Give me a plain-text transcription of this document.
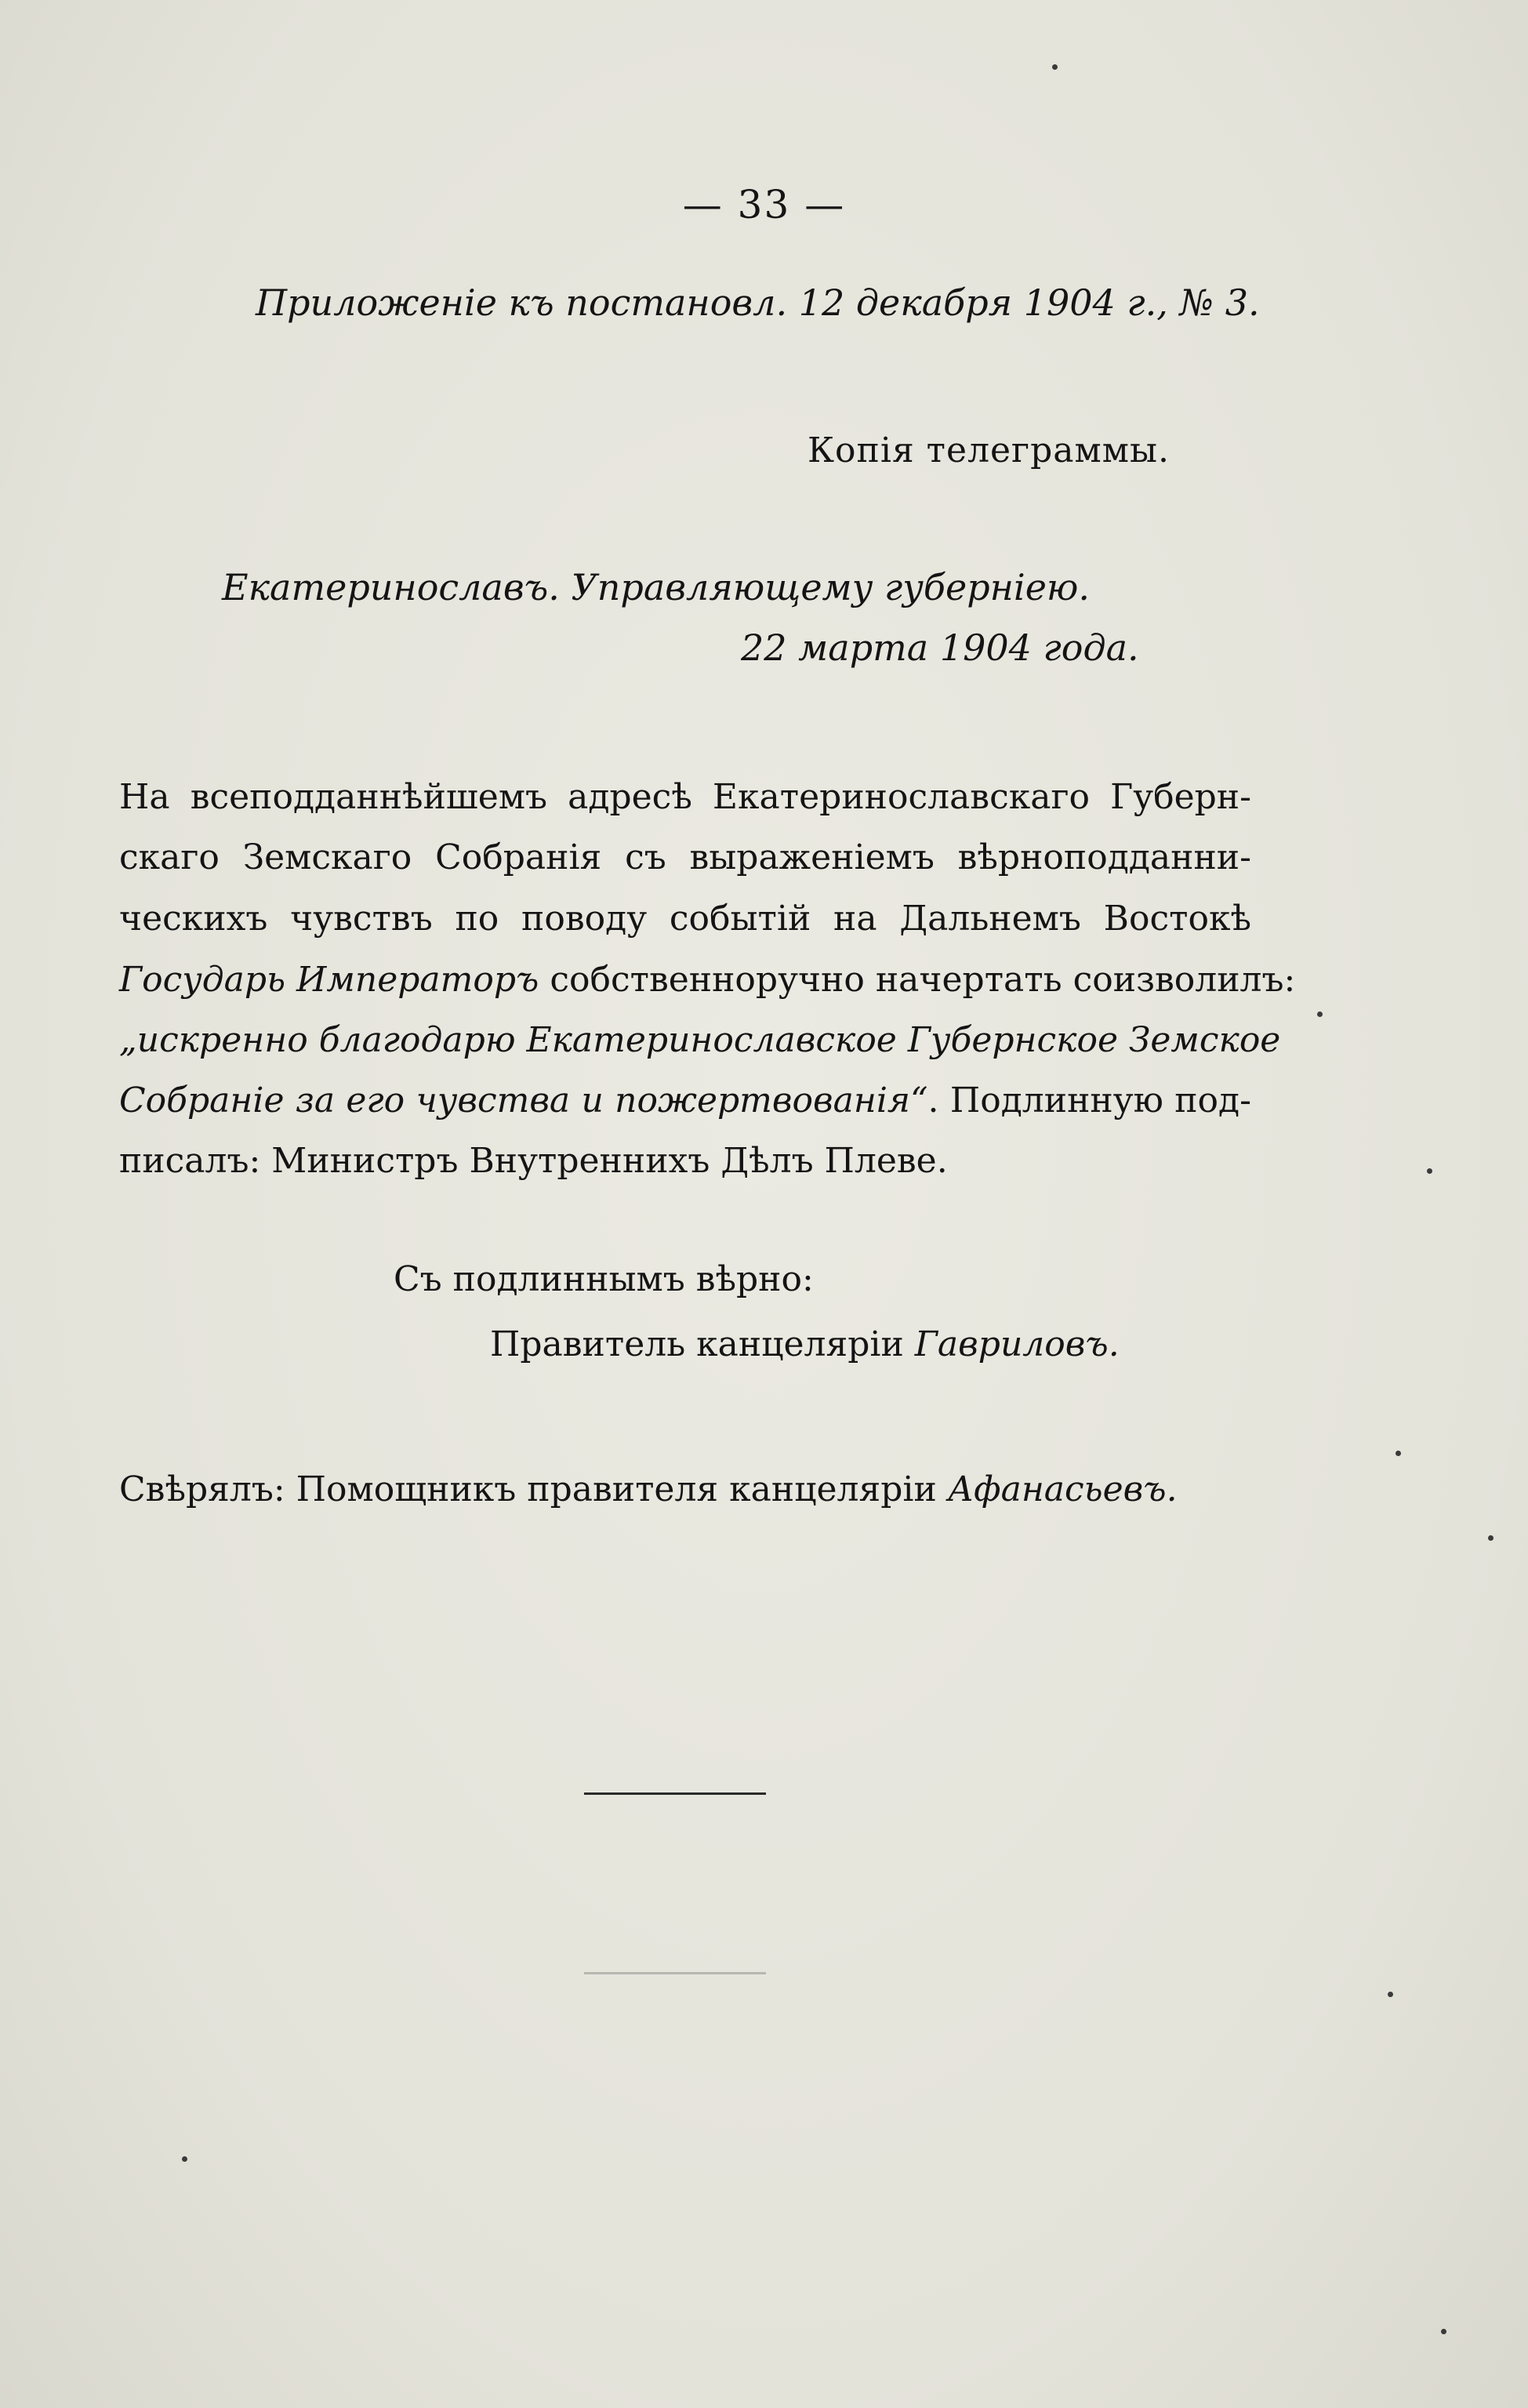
— 33 —
Приложенiе къ постановл. 12 декабря 1904 г., № 3.
Копiя телеграммы.
Екатеринославъ. Управляющему губернiею.
22 марта 1904 года.
На всеподданнѣйшемъ адресѣ Екатеринославскаго Губерн-
скаго Земскаго Собранiя съ выраженiемъ вѣрноподданни-
ческихъ чувствъ по поводу событiй на Дальнемъ Востокѣ
Государь Императоръ собственноручно начертать соизволилъ:
„искренно благодарю Екатеринославское Губернское Земское
Собранiе за его чувства и пожертвованiя“. Подлинную под-
писалъ: Министръ Внутреннихъ Дѣлъ Плеве.
Съ подлиннымъ вѣрно:
Правитель канцелярiи Гавриловъ.
Свѣрялъ: Помощникъ правителя канцелярiи Афанасьевъ.
